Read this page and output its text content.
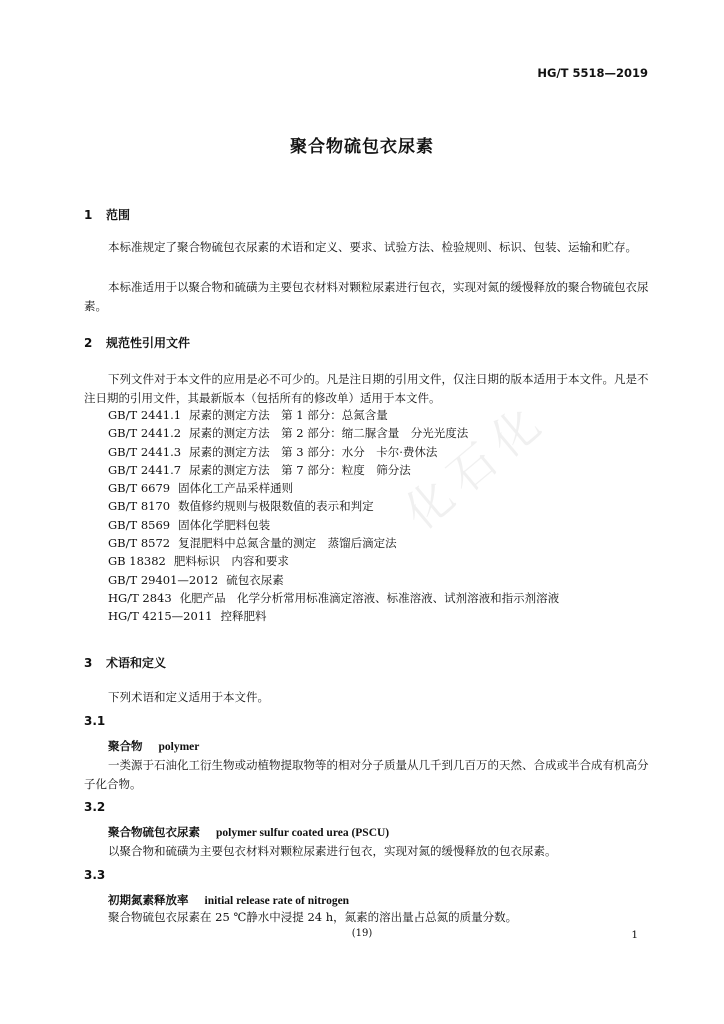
化石化
HG/T 5518—2019
聚合物硫包衣尿素
1 范围
本标准规定了聚合物硫包衣尿素的术语和定义、要求、试验方法、检验规则、标识、包装、运输和贮存。
本标准适用于以聚合物和硫磺为主要包衣材料对颗粒尿素进行包衣，实现对氮的缓慢释放的聚合物硫包衣尿素。
2 规范性引用文件
下列文件对于本文件的应用是必不可少的。凡是注日期的引用文件，仅注日期的版本适用于本文件。凡是不注日期的引用文件，其最新版本（包括所有的修改单）适用于本文件。
GB/T 2441.1 尿素的测定方法　第 1 部分：总氮含量
GB/T 2441.2 尿素的测定方法　第 2 部分：缩二脲含量　分光光度法
GB/T 2441.3 尿素的测定方法　第 3 部分：水分　卡尔·费休法
GB/T 2441.7 尿素的测定方法　第 7 部分：粒度　筛分法
GB/T 6679 固体化工产品采样通则
GB/T 8170 数值修约规则与极限数值的表示和判定
GB/T 8569 固体化学肥料包装
GB/T 8572 复混肥料中总氮含量的测定　蒸馏后滴定法
GB 18382 肥料标识　内容和要求
GB/T 29401—2012 硫包衣尿素
HG/T 2843 化肥产品　化学分析常用标准滴定溶液、标准溶液、试剂溶液和指示剂溶液
HG/T 4215—2011 控释肥料
3 术语和定义
下列术语和定义适用于本文件。
3.1
聚合物 polymer
一类源于石油化工衍生物或动植物提取物等的相对分子质量从几千到几百万的天然、合成或半合成有机高分子化合物。
3.2
聚合物硫包衣尿素 polymer sulfur coated urea (PSCU)
以聚合物和硫磺为主要包衣材料对颗粒尿素进行包衣，实现对氮的缓慢释放的包衣尿素。
3.3
初期氮素释放率 initial release rate of nitrogen
聚合物硫包衣尿素在 25 ℃静水中浸提 24 h，氮素的溶出量占总氮的质量分数。
(19)	1
